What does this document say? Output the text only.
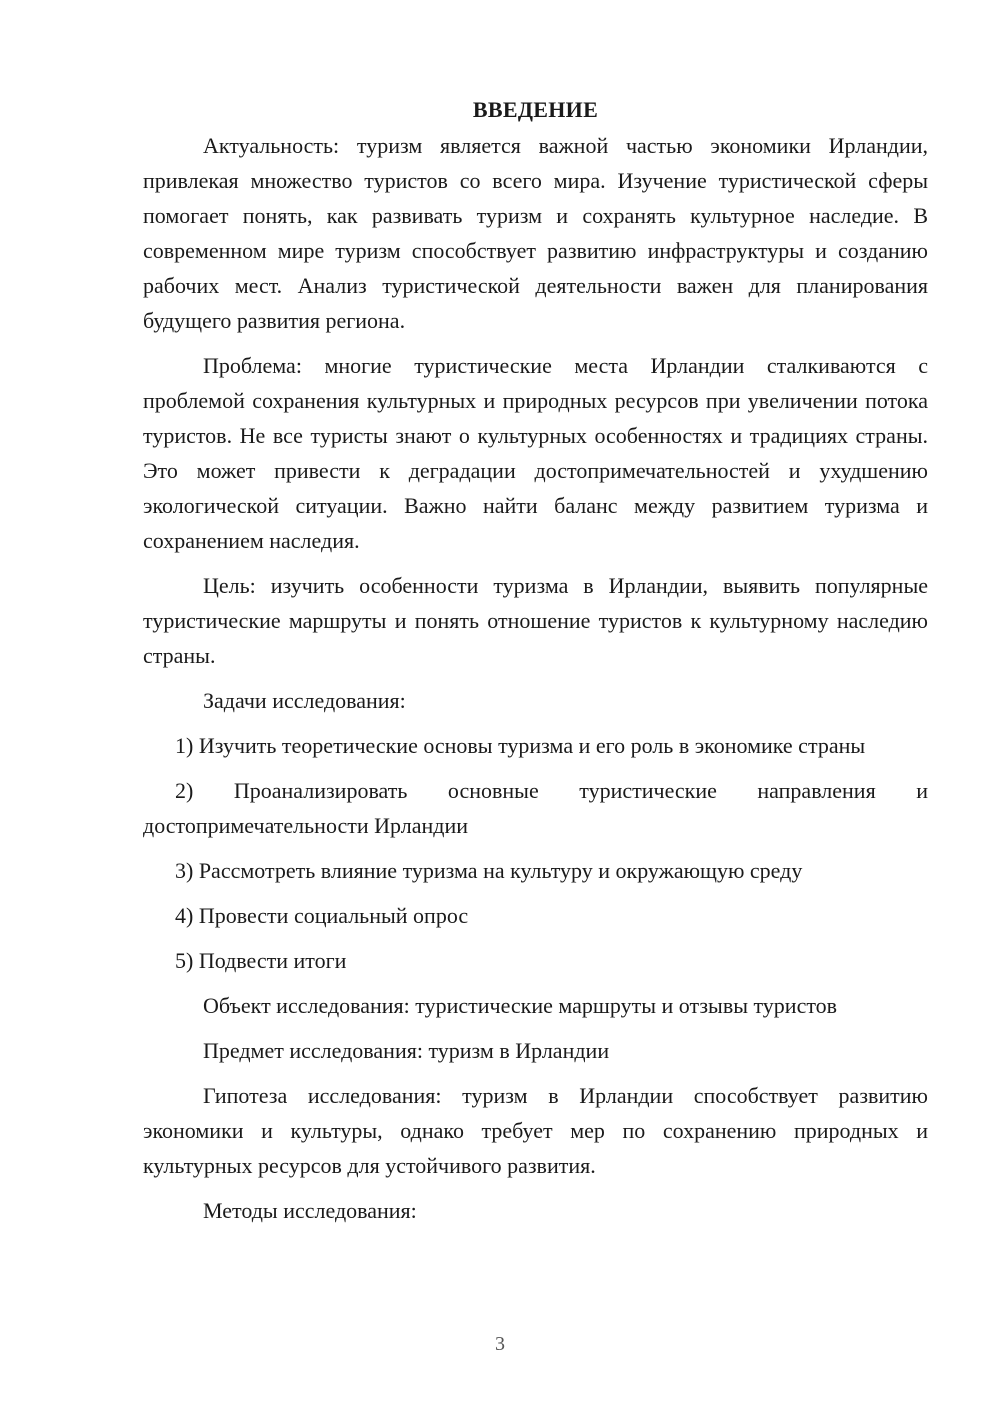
ВВЕДЕНИЕ

Актуальность: туризм является важной частью экономики Ирландии, привлекая множество туристов со всего мира. Изучение туристической сферы помогает понять, как развивать туризм и сохранять культурное наследие. В современном мире туризм способствует развитию инфраструктуры и созданию рабочих мест. Анализ туристической деятельности важен для планирования будущего развития региона.

Проблема: многие туристические места Ирландии сталкиваются с проблемой сохранения культурных и природных ресурсов при увеличении потока туристов. Не все туристы знают о культурных особенностях и традициях страны. Это может привести к деградации достопримечательностей и ухудшению экологической ситуации. Важно найти баланс между развитием туризма и сохранением наследия.

Цель: изучить особенности туризма в Ирландии, выявить популярные туристические маршруты и понять отношение туристов к культурному наследию страны.

Задачи исследования:

1) Изучить теоретические основы туризма и его роль в экономике страны

2) Проанализировать основные туристические направления и достопримечательности Ирландии

3) Рассмотреть влияние туризма на культуру и окружающую среду

4) Провести социальный опрос

5) Подвести итоги

Объект исследования: туристические маршруты и отзывы туристов

Предмет исследования: туризм в Ирландии

Гипотеза исследования: туризм в Ирландии способствует развитию экономики и культуры, однако требует мер по сохранению природных и культурных ресурсов для устойчивого развития.

Методы исследования:

3
